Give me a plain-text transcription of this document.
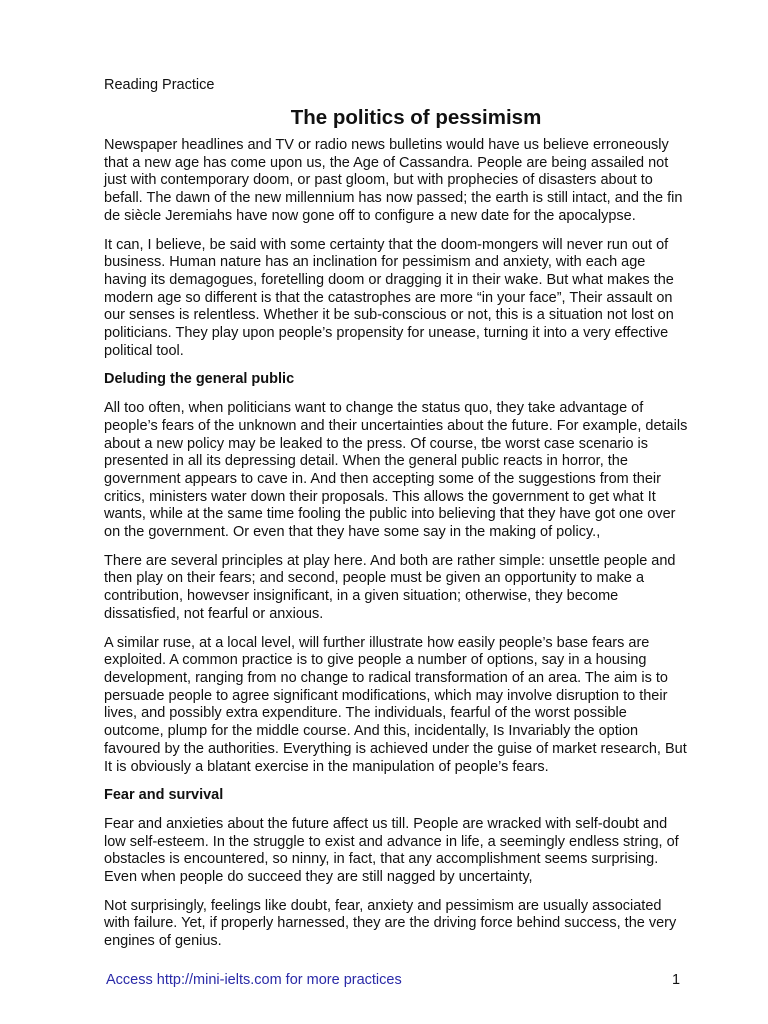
Reading Practice
The politics of pessimism

Newspaper headlines and TV or radio news bulletins would have us believe erroneously
that a new age has come upon us, the Age of Cassandra. People are being assailed not
just with contemporary doom, or past gloom, but with prophecies of disasters about to
befall. The dawn of the new millennium has now passed; the earth is still intact, and the fin
de siècle Jeremiahs have now gone off to configure a new date for the apocalypse.

It can, I believe, be said with some certainty that the doom-mongers will never run out of
business. Human nature has an inclination for pessimism and anxiety, with each age
having its demagogues, foretelling doom or dragging it in their wake. But what makes the
modern age so different is that the catastrophes are more “in your face”, Their assault on
our senses is relentless. Whether it be sub-conscious or not, this is a situation not lost on
politicians. They play upon people’s propensity for unease, turning it into a very effective
political tool.

Deluding the general public

All too often, when politicians want to change the status quo, they take advantage of
people’s fears of the unknown and their uncertainties about the future. For example, details
about a new policy may be leaked to the press. Of course, tbe worst case scenario is
presented in all its depressing detail. When the general public reacts in horror, the
government appears to cave in. And then accepting some of the suggestions from their
critics, ministers water down their proposals. This allows the government to get what It
wants, while at the same time fooling the public into believing that they have got one over
on the government. Or even that they have some say in the making of policy.,

There are several principles at play here. And both are rather simple: unsettle people and
then play on their fears; and second, people must be given an opportunity to make a
contribution, howevser insignificant, in a given situation; otherwise, they become
dissatisfied, not fearful or anxious.

A similar ruse, at a local level, will further illustrate how easily people’s base fears are
exploited. A common practice is to give people a number of options, say in a housing
development, ranging from no change to radical transformation of an area. The aim is to
persuade people to agree significant modifications, which may involve disruption to their
lives, and possibly extra expenditure. The individuals, fearful of the worst possible
outcome, plump for the middle course. And this, incidentally, Is Invariably the option
favoured by the authorities. Everything is achieved under the guise of market research, But
It is obviously a blatant exercise in the manipulation of people’s fears.

Fear and survival

Fear and anxieties about the future affect us till. People are wracked with self-doubt and
low self-esteem. In the struggle to exist and advance in life, a seemingly endless string, of
obstacles is encountered, so ninny, in fact, that any accomplishment seems surprising.
Even when people do succeed they are still nagged by uncertainty,

Not surprisingly, feelings like doubt, fear, anxiety and pessimism are usually associated
with failure. Yet, if properly harnessed, they are the driving force behind success, the very
engines of genius.

Access http://mini-ielts.com for more practices	1
